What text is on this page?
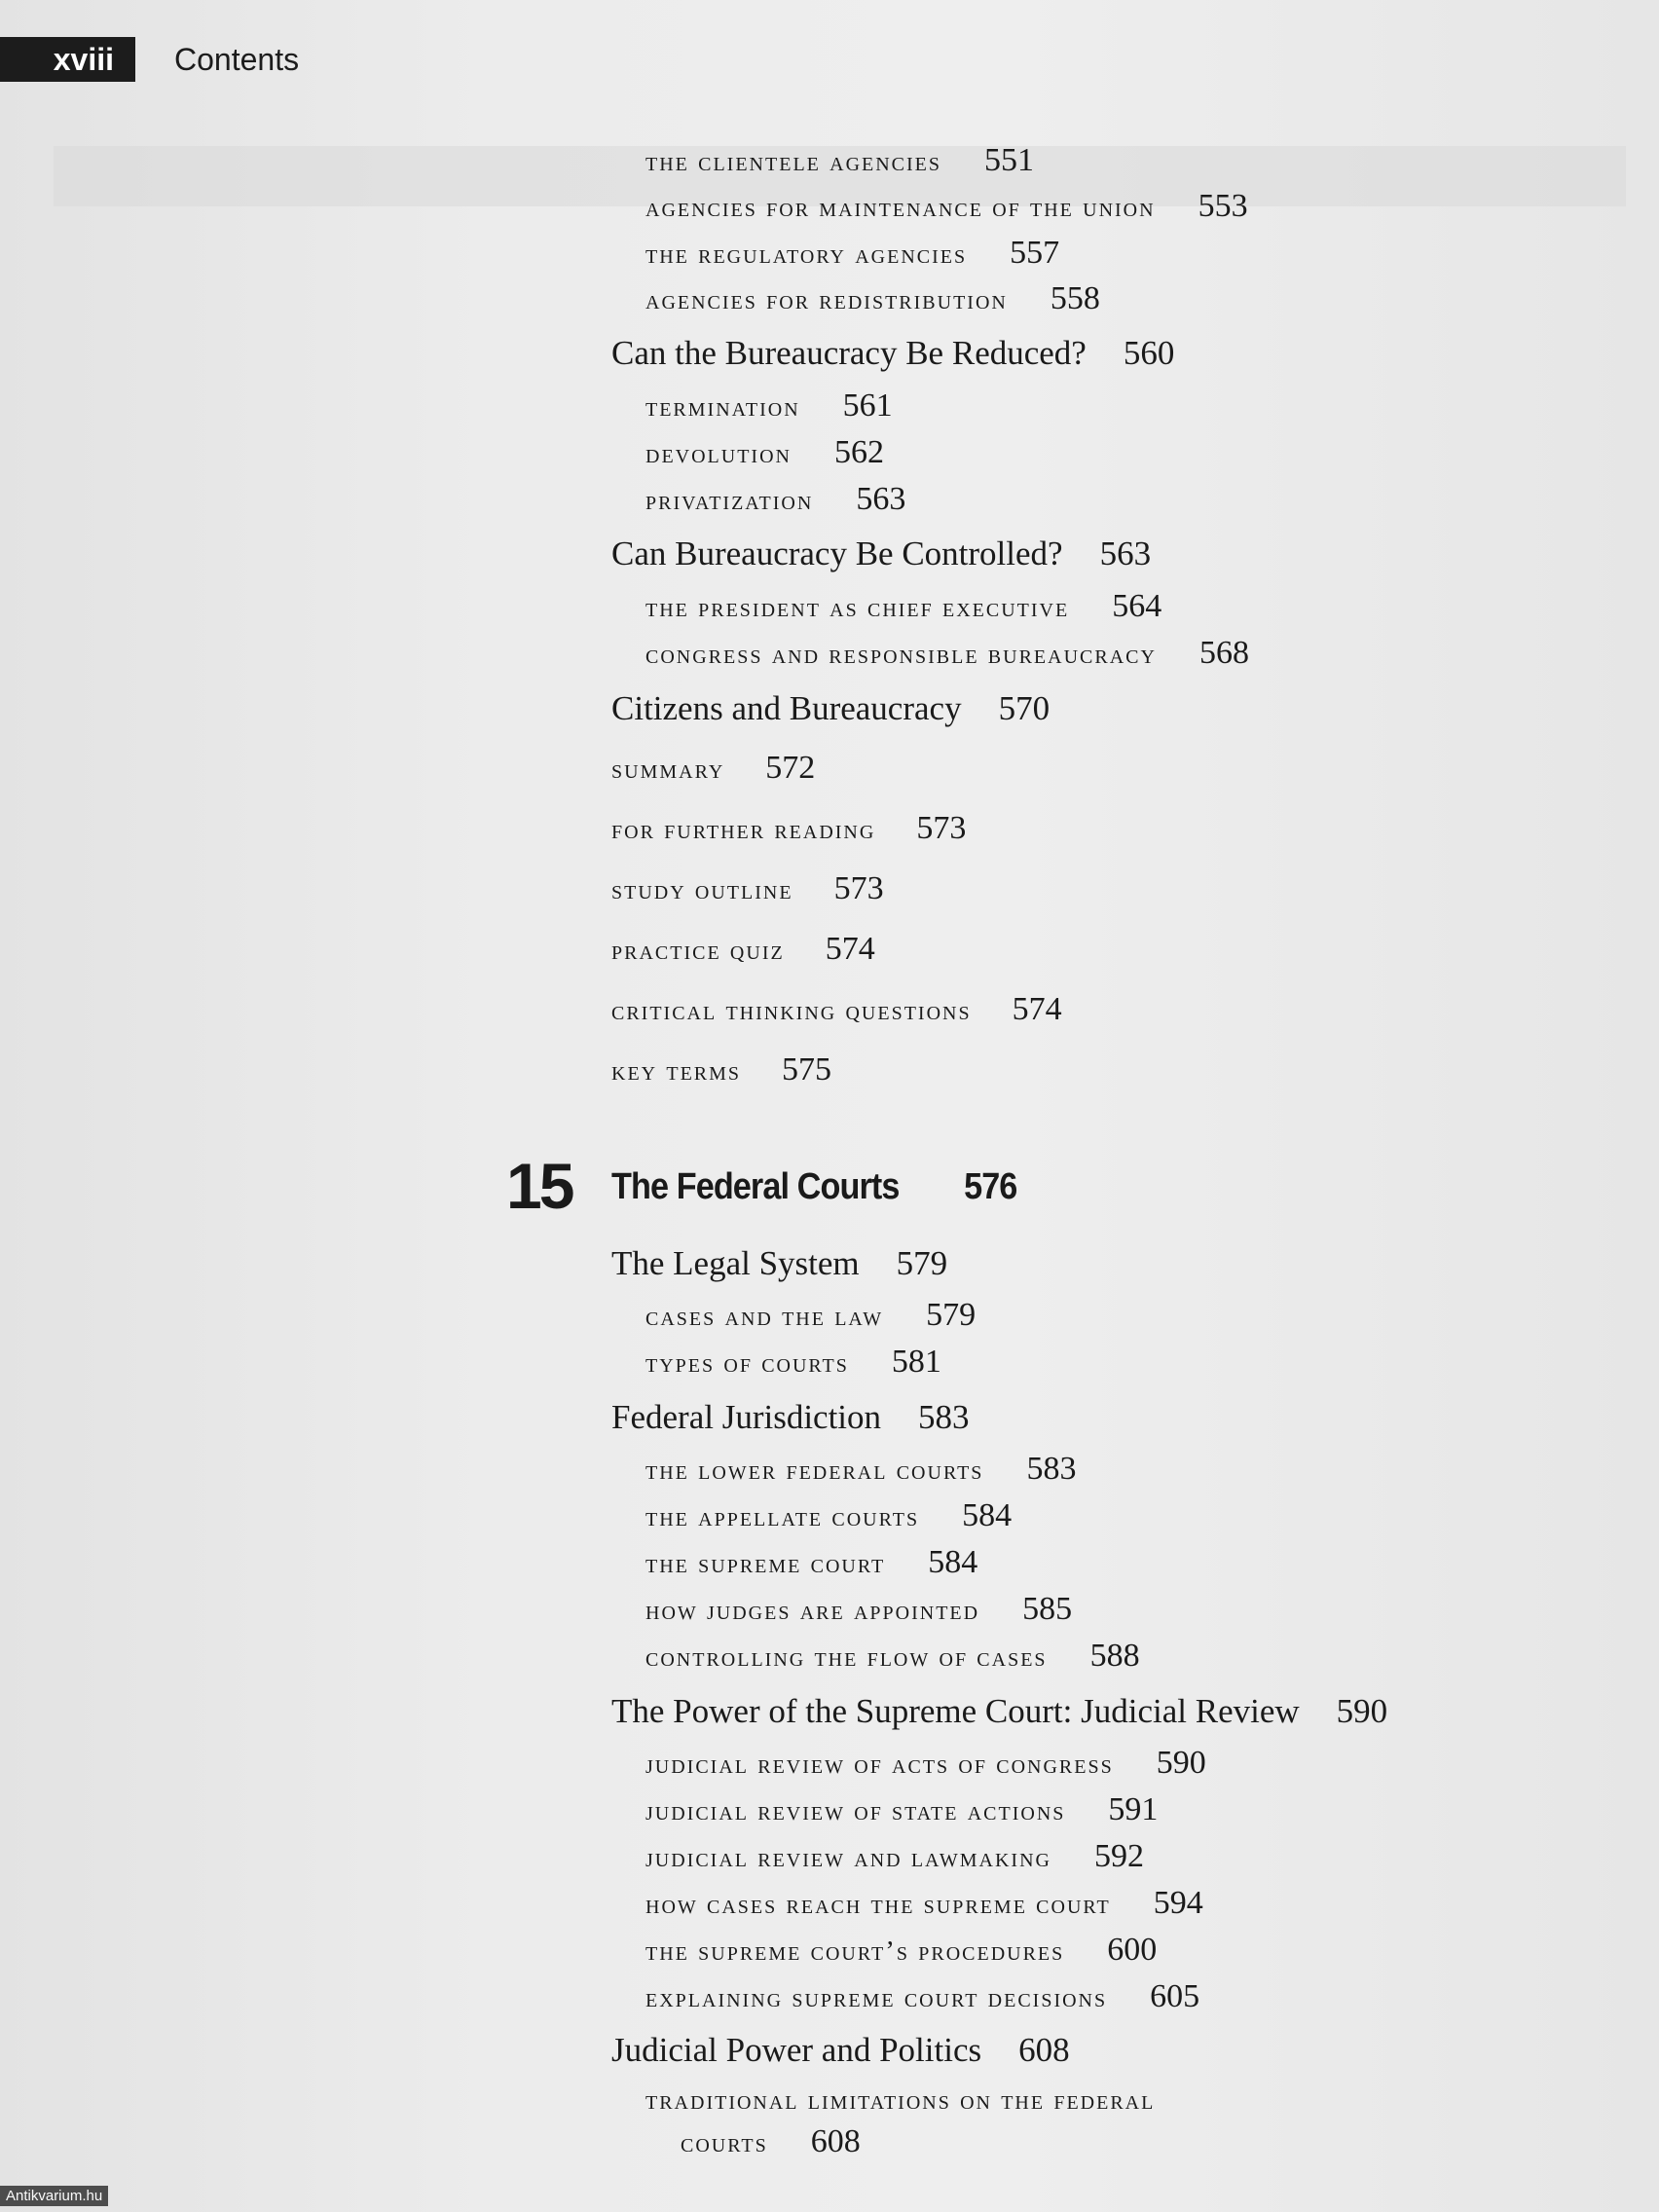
xviii	Contents
the clientele agencies 551
agencies for maintenance of the union 553
the regulatory agencies 557
agencies for redistribution 558
Can the Bureaucracy Be Reduced? 560
termination 561
devolution 562
privatization 563
Can Bureaucracy Be Controlled? 563
the president as chief executive 564
congress and responsible bureaucracy 568
Citizens and Bureaucracy 570
summary 572
for further reading 573
study outline 573
practice quiz 574
critical thinking questions 574
key terms 575
The Legal System 579
cases and the law 579
types of courts 581
Federal Jurisdiction 583
the lower federal courts 583
the appellate courts 584
the supreme court 584
how judges are appointed 585
controlling the flow of cases 588
The Power of the Supreme Court: Judicial Review 590
judicial review of acts of congress 590
judicial review of state actions 591
judicial review and lawmaking 592
how cases reach the supreme court 594
the supreme court’s procedures 600
explaining supreme court decisions 605
Judicial Power and Politics 608
traditional limitations on the federal
courts 608
15 The Federal Courts 576
Antikvarium.hu
